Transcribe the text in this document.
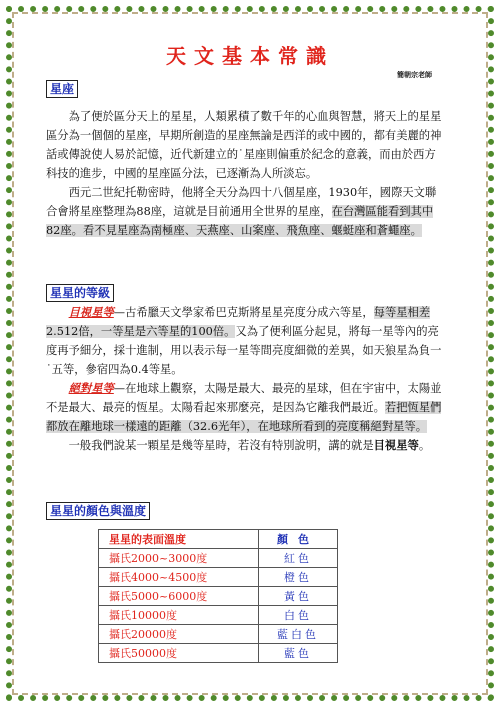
天文基本常識
簡朝宗老師
星座

為了便於區分天上的星星，人類累積了數千年的心血與智慧，將天上的星星區分為一個個的星座，早期所創造的星座無論是西洋的或中國的，都有美麗的神話或傳說使人易於記憶，近代新建立的˙星座則偏重於紀念的意義，而由於西方科技的進步，中國的星座區分法，已逐漸為人所淡忘。

西元二世紀托勒密時，他將全天分為四十八個星座，1930年，國際天文聯合會將星座整理為88座，這就是目前通用全世界的星座，在台灣區能看到其中82座。看不見星座為南極座、天燕座、山案座、飛魚座、蝘蜓座和蒼蠅座。

星星的等級

目視星等—古希臘天文學家希巴克斯將星星亮度分成六等星，每等星相差2.512倍，一等星是六等星的100倍。又為了便利區分起見，將每一星等內的亮度再予細分，採十進制，用以表示每一星等間亮度細微的差異，如天狼星為負一˙五等，參宿四為0.4等星。

絕對星等—在地球上觀察，太陽是最大、最亮的星球，但在宇宙中，太陽並不是最大、最亮的恆星。太陽看起來那麼亮，是因為它離我們最近。若把恆星們都放在離地球一樣遠的距離（32.6光年），在地球所看到的亮度稱絕對星等。

一般我們說某一顆星是幾等星時，若沒有特別說明，講的就是目視星等。

星星的顏色與溫度
星星的表面溫度	顏色
攝氏2000~3000度	紅色
攝氏4000~4500度	橙色
攝氏5000~6000度	黃色
攝氏10000度	白色
攝氏20000度	藍白色
攝氏50000度	藍色
